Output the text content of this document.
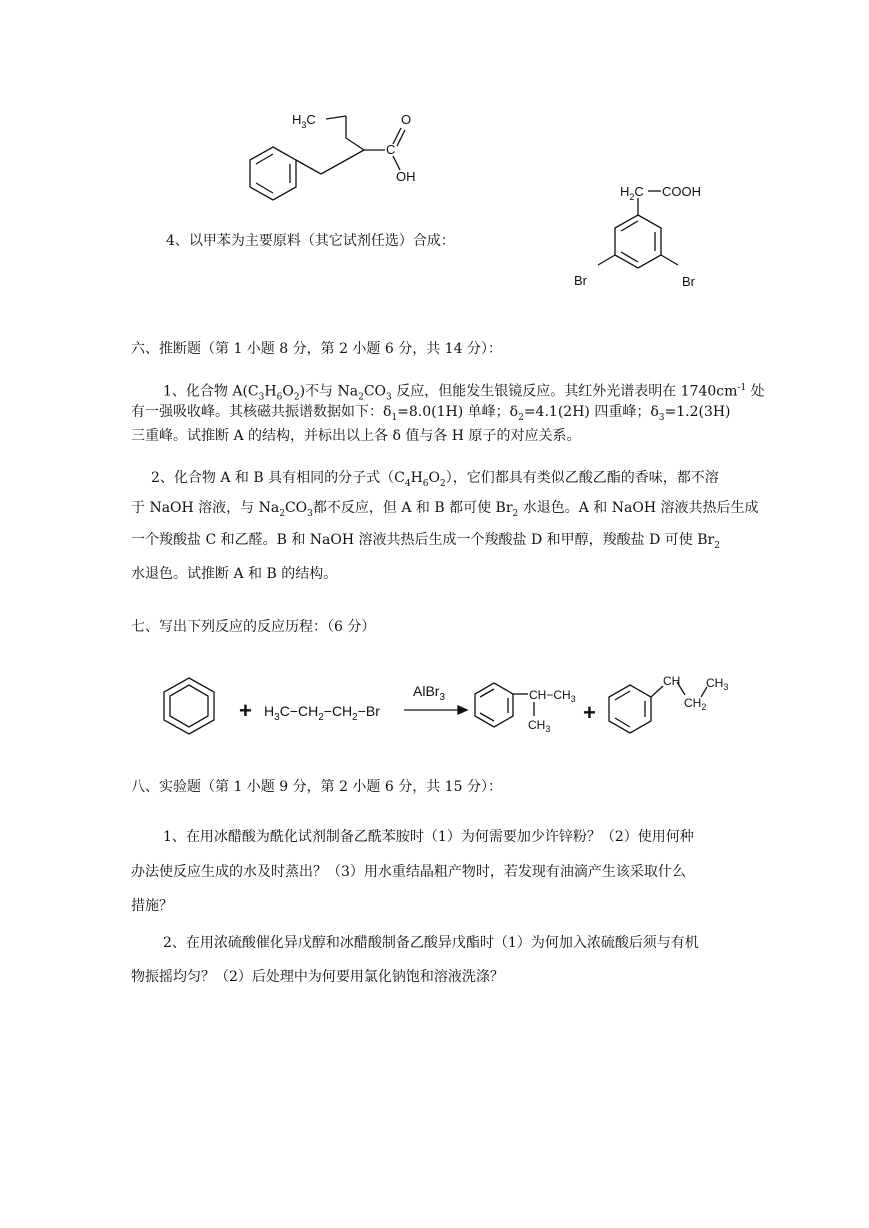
$H_3C$
C
O
OH
4、以甲苯为主要原料（其它试剂任选）合成：
$H_2C$ COOH
Br	Br
六、推断题（第 1 小题 8 分，第 2 小题 6 分，共 14 分）：
1、化合物 $A(C_3H_6O_2)$不与 $Na_2CO_3$ 反应，但能发生银镜反应。其红外光谱表明在 $1740cm^{-1}$ 处
有一强吸收峰。其核磁共振谱数据如下：$\delta_1=8.0(1H)$ 单峰；$\delta_2=4.1(2H)$ 四重峰；$\delta_3=1.2(3H)$
三重峰。试推断 A 的结构，并标出以上各 δ 值与各 H 原子的对应关系。
2、化合物 A 和 B 具有相同的分子式$(C_4H_6O_2)$，它们都具有类似乙酸乙酯的香味，都不溶
于 NaOH 溶液，与 $Na_2CO_3$都不反应，但 A 和 B 都可使 $Br_2$ 水退色。A 和 NaOH 溶液共热后生成
一个羧酸盐 C 和乙醛。B 和 NaOH 溶液共热后生成一个羧酸盐 D 和甲醇，羧酸盐 D 可使 $Br_2$
水退色。试推断 A 和 B 的结构。
七、写出下列反应的反应历程：（6 分）
+ $H_3C-CH_2-CH_2-Br$
AlBr$_3$	$CH-CH_3$
$CH_3$
+
CH
$CH_2$
$CH_3$
八、实验题（第 1 小题 9 分，第 2 小题 6 分，共 15 分）：
1、在用冰醋酸为酰化试剂制备乙酰苯胺时（1）为何需要加少许锌粉？（2）使用何种
办法使反应生成的水及时蒸出？（3）用水重结晶粗产物时，若发现有油滴产生该采取什么
措施？
2、在用浓硫酸催化异戊醇和冰醋酸制备乙酸异戊酯时（1）为何加入浓硫酸后须与有机
物振摇均匀？（2）后处理中为何要用氯化钠饱和溶液洗涤？
